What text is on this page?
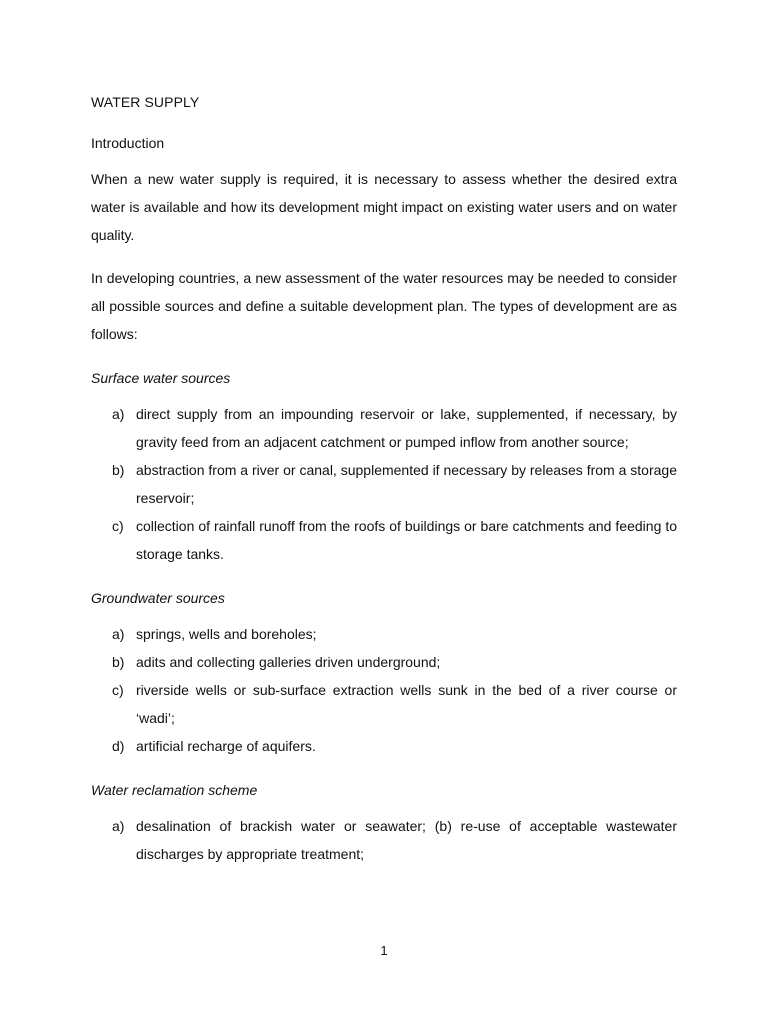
WATER SUPPLY
Introduction

When a new water supply is required, it is necessary to assess whether the desired extra water is available and how its development might impact on existing water users and on water quality.

In developing countries, a new assessment of the water resources may be needed to consider all possible sources and define a suitable development plan. The types of development are as follows:

Surface water sources
a) direct supply from an impounding reservoir or lake, supplemented, if necessary, by gravity feed from an adjacent catchment or pumped inflow from another source;
b) abstraction from a river or canal, supplemented if necessary by releases from a storage reservoir;
c) collection of rainfall runoff from the roofs of buildings or bare catchments and feeding to storage tanks.
Groundwater sources
a) springs, wells and boreholes;
b) adits and collecting galleries driven underground;
c) riverside wells or sub-surface extraction wells sunk in the bed of a river course or ‘wadi’;
d) artificial recharge of aquifers.
Water reclamation scheme
a) desalination of brackish water or seawater; (b) re-use of acceptable wastewater discharges by appropriate treatment;
1
